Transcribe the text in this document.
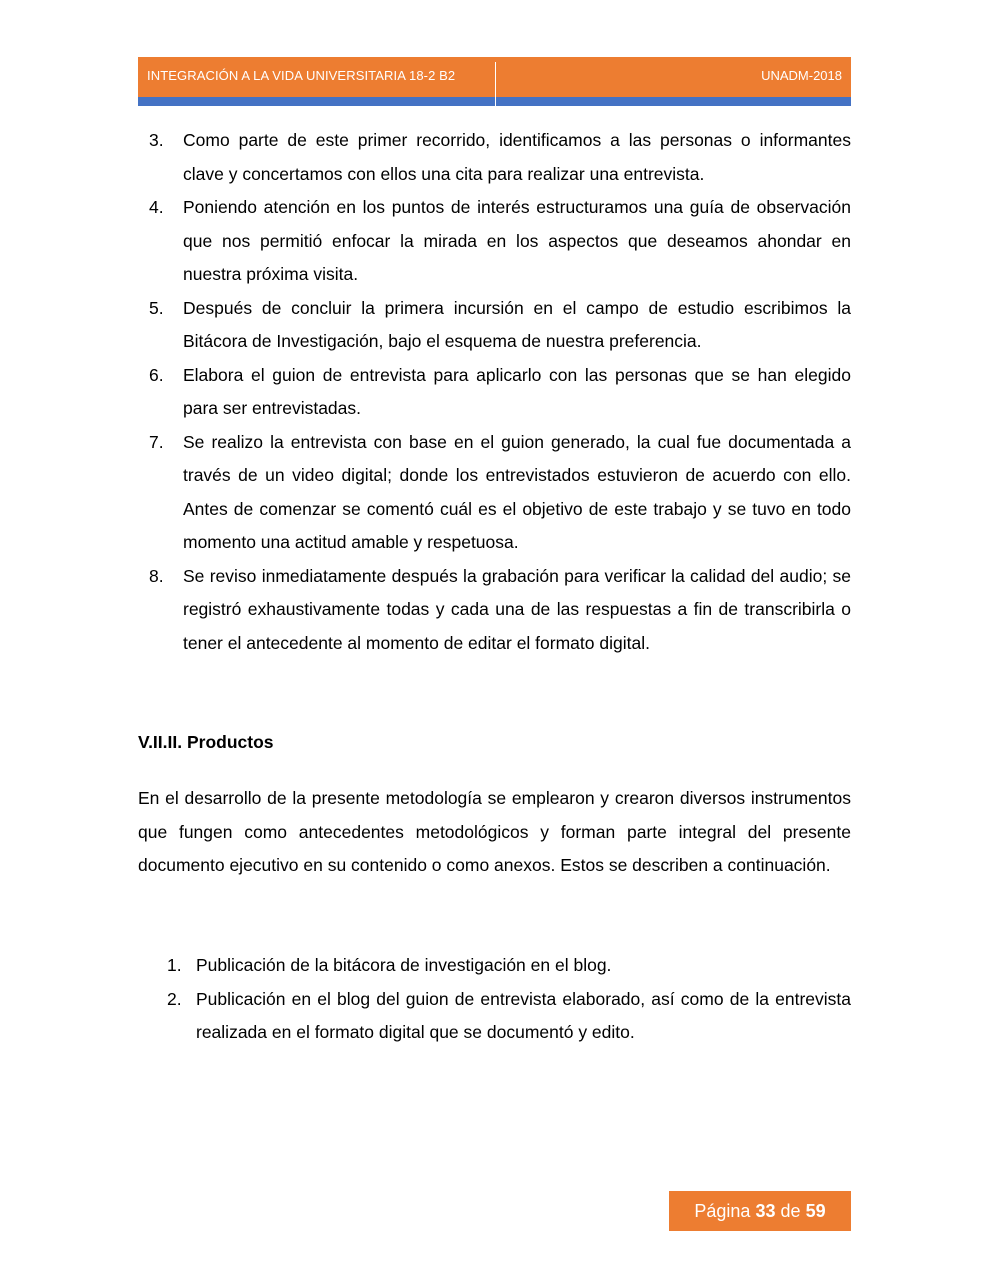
INTEGRACIÓN A LA VIDA UNIVERSITARIA 18-2 B2	UNADM-2018
3. Como parte de este primer recorrido, identificamos a las personas o informantes clave y concertamos con ellos una cita para realizar una entrevista.
4. Poniendo atención en los puntos de interés estructuramos una guía de observación que nos permitió enfocar la mirada en los aspectos que deseamos ahondar en nuestra próxima visita.
5. Después de concluir la primera incursión en el campo de estudio escribimos la Bitácora de Investigación, bajo el esquema de nuestra preferencia.
6. Elabora el guion de entrevista para aplicarlo con las personas que se han elegido para ser entrevistadas.
7. Se realizo la entrevista con base en el guion generado, la cual fue documentada a través de un video digital; donde los entrevistados estuvieron de acuerdo con ello. Antes de comenzar se comentó cuál es el objetivo de este trabajo y se tuvo en todo momento una actitud amable y respetuosa.
8. Se reviso inmediatamente después la grabación para verificar la calidad del audio; se registró exhaustivamente todas y cada una de las respuestas a fin de transcribirla o tener el antecedente al momento de editar el formato digital.
V.II.II. Productos

En el desarrollo de la presente metodología se emplearon y crearon diversos instrumentos que fungen como antecedentes metodológicos y forman parte integral del presente documento ejecutivo en su contenido o como anexos. Estos se describen a continuación.

1. Publicación de la bitácora de investigación en el blog.
2. Publicación en el blog del guion de entrevista elaborado, así como de la entrevista realizada en el formato digital que se documentó y edito.
Página 33 de 59
